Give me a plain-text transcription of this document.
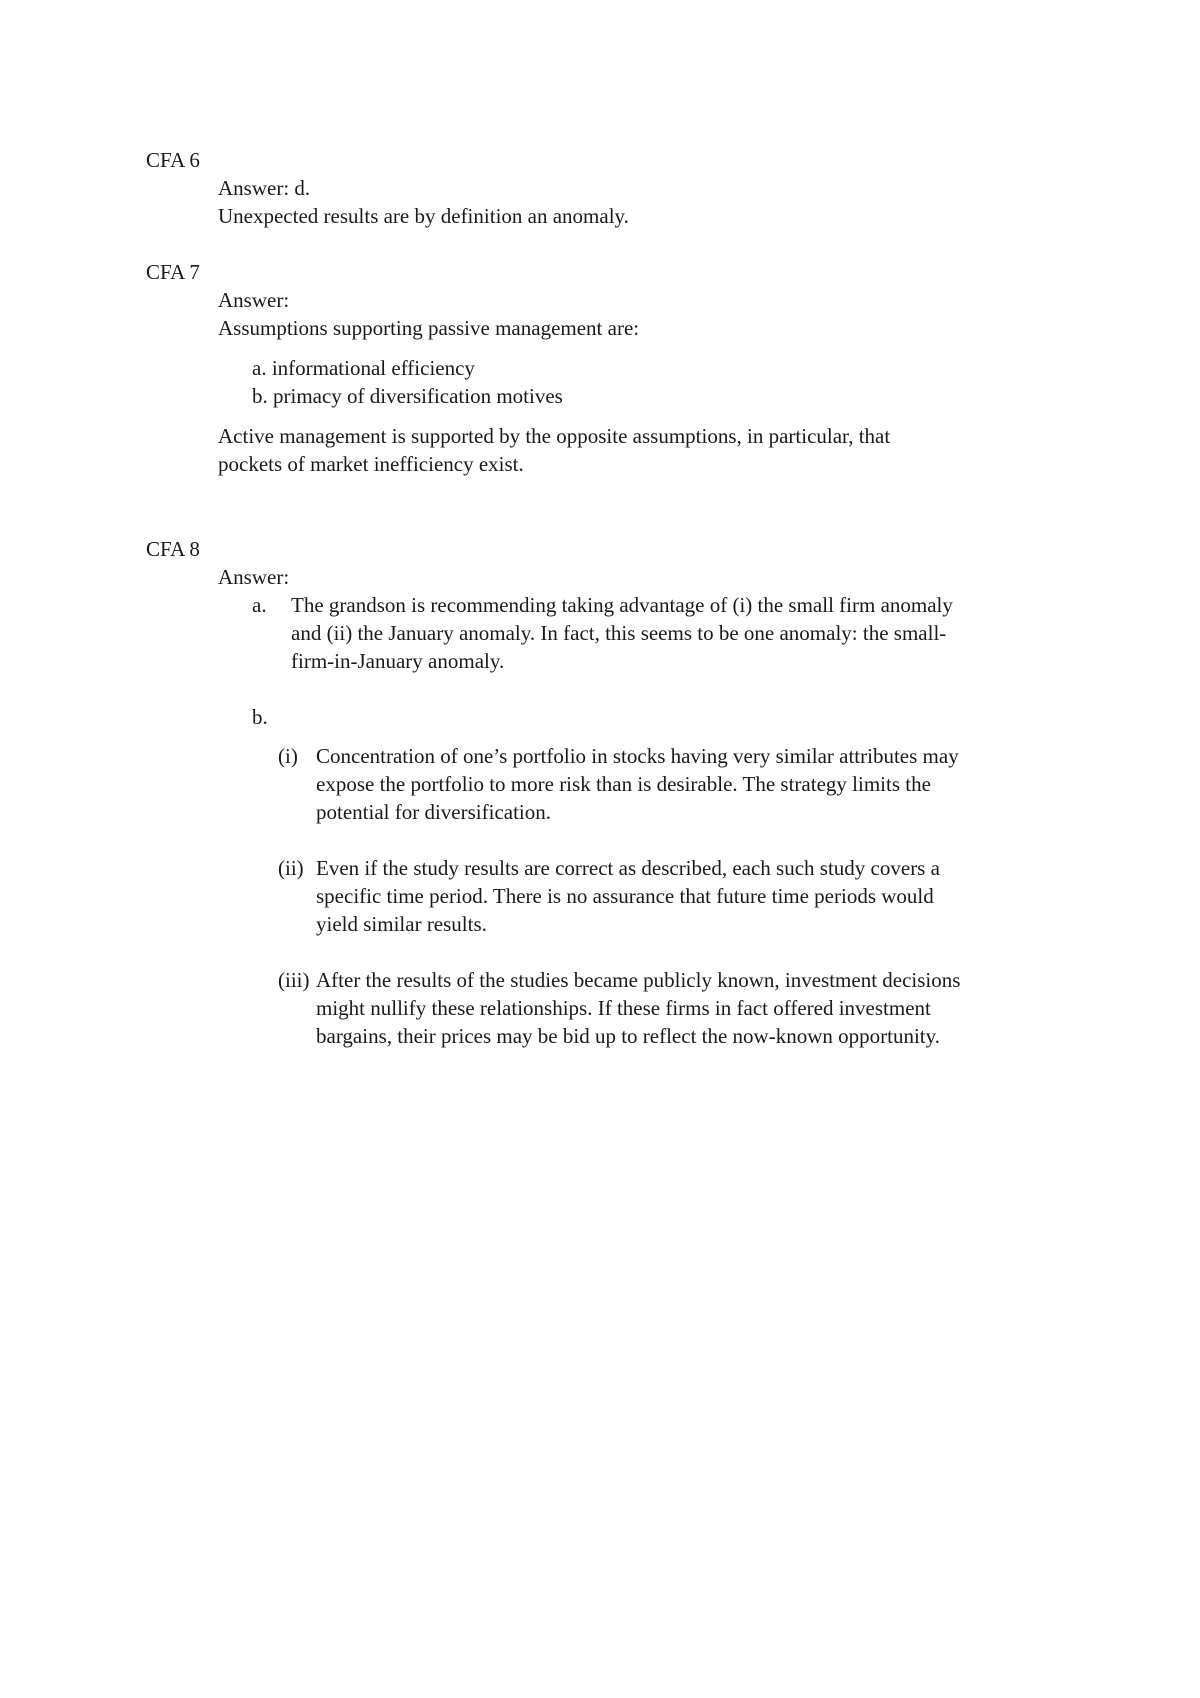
CFA 6
Answer: d.
Unexpected results are by definition an anomaly.
CFA 7
Answer:
Assumptions supporting passive management are:
a. informational efficiency
b. primacy of diversification motives
Active management is supported by the opposite assumptions, in particular, that
pockets of market inefficiency exist.
CFA 8
Answer:
a. The grandson is recommending taking advantage of (i) the small firm anomaly
and (ii) the January anomaly. In fact, this seems to be one anomaly: the small-
firm-in-January anomaly.
b.
(i) Concentration of one’s portfolio in stocks having very similar attributes may
expose the portfolio to more risk than is desirable. The strategy limits the
potential for diversification.
(ii) Even if the study results are correct as described, each such study covers a
specific time period. There is no assurance that future time periods would
yield similar results.
(iii) After the results of the studies became publicly known, investment decisions
might nullify these relationships. If these firms in fact offered investment
bargains, their prices may be bid up to reflect the now-known opportunity.
